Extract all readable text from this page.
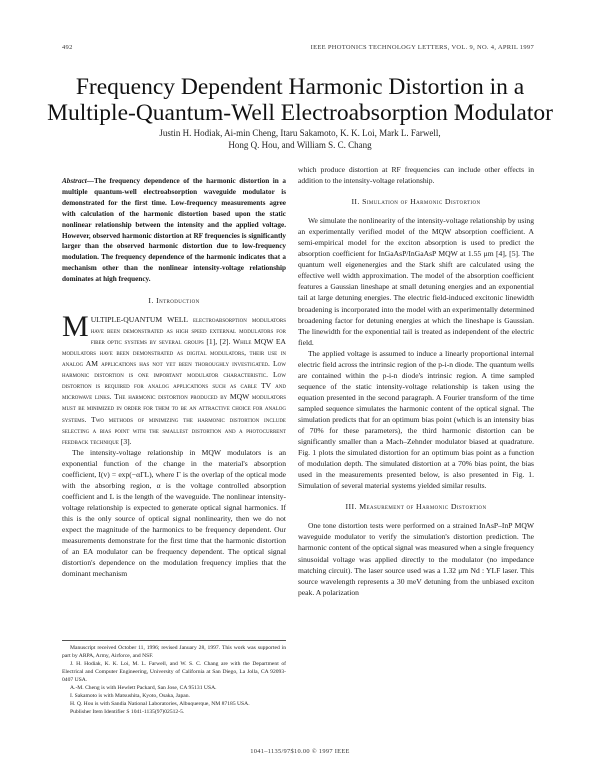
492	IEEE PHOTONICS TECHNOLOGY LETTERS, VOL. 9, NO. 4, APRIL 1997
Frequency Dependent Harmonic Distortion in a
Multiple-Quantum-Well Electroabsorption Modulator
Justin H. Hodiak, Ai-min Cheng, Itaru Sakamoto, K. K. Loi, Mark L. Farwell,
Hong Q. Hou, and William S. C. Chang

Abstract—The frequency dependence of the harmonic distortion in a multiple quantum-well electroabsorption waveguide modulator is demonstrated for the first time. Low-frequency measurements agree with calculation of the harmonic distortion based upon the static nonlinear relationship between the intensity and the applied voltage. However, observed harmonic distortion at RF frequencies is significantly larger than the observed harmonic distortion due to low-frequency modulation. The frequency dependence of the harmonic indicates that a mechanism other than the nonlinear intensity-voltage relationship dominates at high frequency.

I. Introduction

MULTIPLE-QUANTUM WELL electroabsorption modulators have been demonstrated as high speed external modulators for fiber optic systems by several groups [1], [2]. While MQW EA modulators have been demonstrated as digital modulators, their use in analog AM applications has not yet been thoroughly investigated. Low harmonic distortion is one important modulator characteristic. Low distortion is required for analog applications such as cable TV and microwave links. The harmonic distortion produced by MQW modulators must be minimized in order for them to be an attractive choice for analog systems. Two methods of minimizing the harmonic distortion include selecting a bias point with the smallest distortion and a photocurrent feedback technique [3].

The intensity-voltage relationship in MQW modulators is an exponential function of the change in the material's absorption coefficient, I(v) = exp(−αΓL), where Γ is the overlap of the optical mode with the absorbing region, α is the voltage controlled absorption coefficient and L is the length of the waveguide. The nonlinear intensity-voltage relationship is expected to generate optical signal harmonics. If this is the only source of optical signal nonlinearity, then we do not expect the magnitude of the harmonics to be frequency dependent. Our measurements demonstrate for the first time that the harmonic distortion of an EA modulator can be frequency dependent. The optical signal distortion's dependence on the modulation frequency implies that the dominant mechanism

Manuscript received October 11, 1996; revised January 28, 1997. This work was supported in part by ARPA, Army, Airforce, and NSF.
J. H. Hodiak, K. K. Loi, M. L. Farwell, and W. S. C. Chang are with the Department of Electrical and Computer Engineering, University of California at San Diego, La Jolla, CA 92093-0407 USA.
A.-M. Cheng is with Hewlett Packard, San Jose, CA 95131 USA.
I. Sakamoto is with Matsushita, Kyoto, Osaka, Japan.
H. Q. Hou is with Sandia National Laboratories, Albuquerque, NM 87185 USA.
Publisher Item Identifier S 1041-1135(97)02512-5.

which produce distortion at RF frequencies can include other effects in addition to the intensity-voltage relationship.

II. Simulation of Harmonic Distortion

We simulate the nonlinearity of the intensity-voltage relationship by using an experimentally verified model of the MQW absorption coefficient. A semi-empirical model for the exciton absorption is used to predict the absorption coefficient for InGaAsP/InGaAsP MQW at 1.55 μm [4], [5]. The quantum well eigenenergies and the Stark shift are calculated using the effective well width approximation. The model of the absorption coefficient features a Gaussian lineshape at small detuning energies and an exponential tail at large detuning energies. The electric field-induced excitonic linewidth broadening is incorporated into the model with an experimentally determined broadening factor for detuning energies at which the lineshape is Gaussian. The linewidth for the exponential tail is treated as independent of the electric field.

The applied voltage is assumed to induce a linearly proportional internal electric field across the intrinsic region of the p-i-n diode. The quantum wells are contained within the p-i-n diode's intrinsic region. A time sampled sequence of the static intensity-voltage relationship is taken using the equation presented in the second paragraph. A Fourier transform of the time sampled sequence simulates the harmonic content of the optical signal. The simulation predicts that for an optimum bias point (which is an intensity bias of 70% for these parameters), the third harmonic distortion can be significantly smaller than a Mach–Zehnder modulator biased at quadrature. Fig. 1 plots the simulated distortion for an optimum bias point as a function of modulation depth. The simulated distortion at a 70% bias point, the bias used in the measurements presented below, is also presented in Fig. 1. Simulation of several material systems yielded similar results.

III. Measurement of Harmonic Distortion

One tone distortion tests were performed on a strained InAsP–InP MQW waveguide modulator to verify the simulation's distortion prediction. The harmonic content of the optical signal was measured when a single frequency sinusoidal voltage was applied directly to the modulator (no impedance matching circuit). The laser source used was a 1.32 μm Nd : YLF laser. This source wavelength represents a 30 meV detuning from the unbiased exciton peak. A polarization

1041–1135/97$10.00 © 1997 IEEE
